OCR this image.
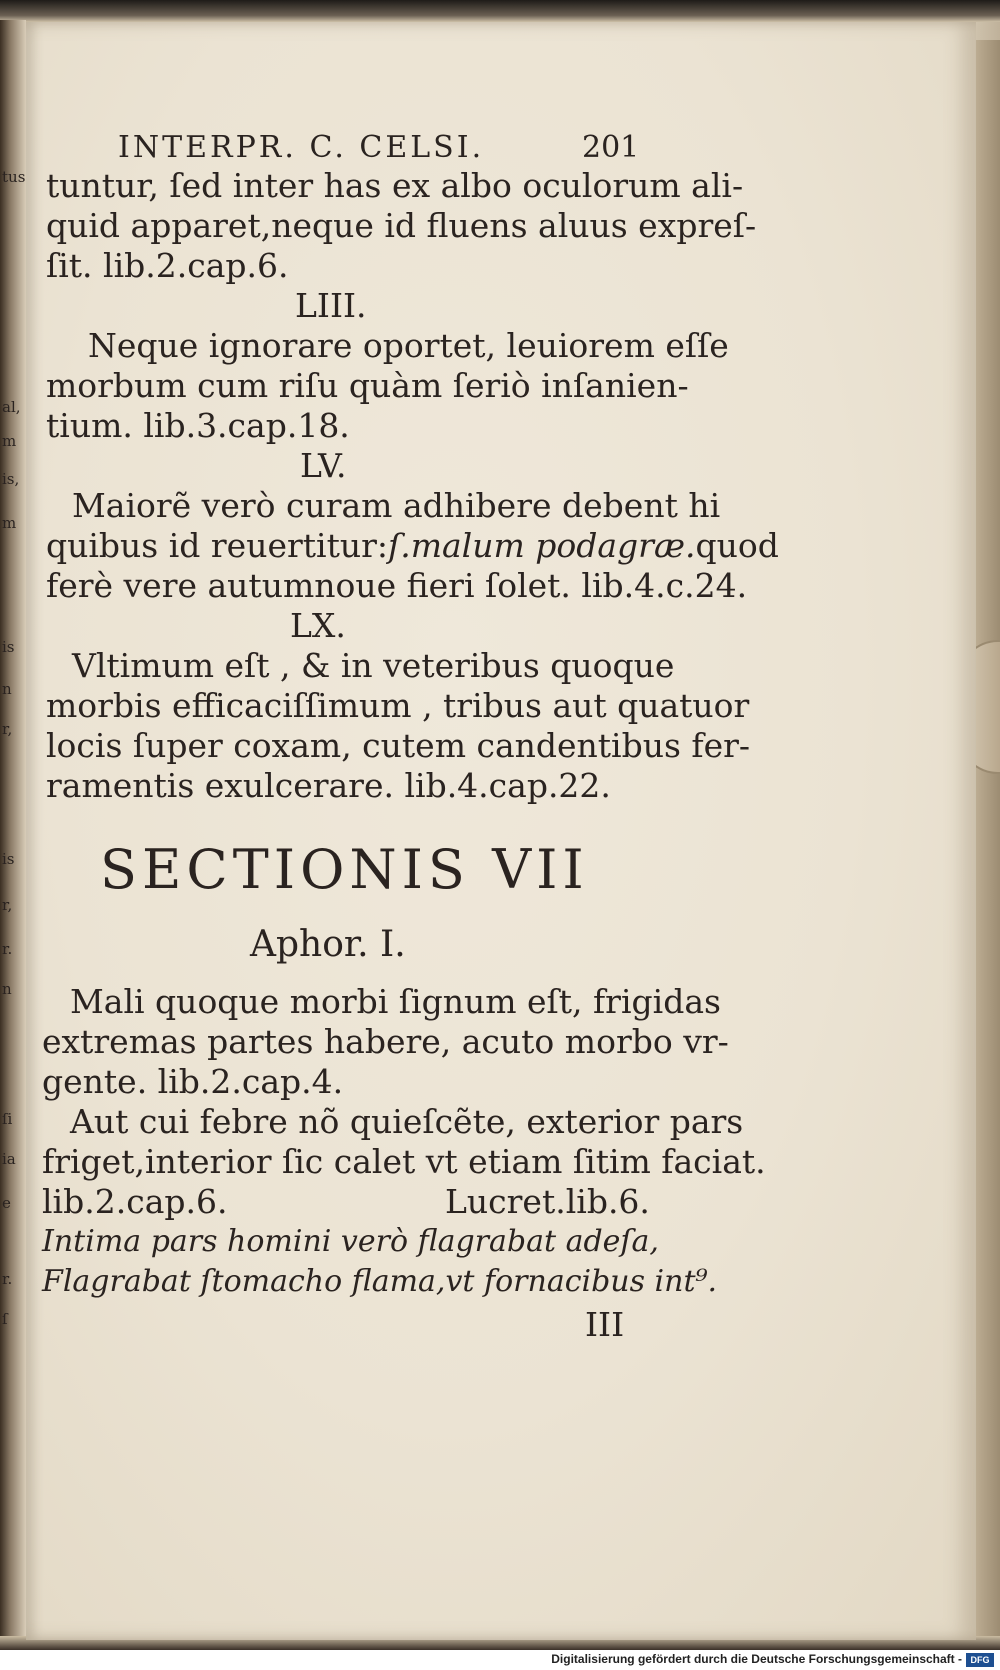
tus
al,
m
is,
m
is
n
r,
is
r,
r.
n
ſi
ia
e
r.
ſ
INTERPR. C. CELSI.	201
tuntur, ſed inter has ex albo oculorum ali-
quid apparet,neque id fluens aluus expreſ-
ſit. lib.2.cap.6.
LIII.
Neque ignorare oportet, leuiorem eſſe
morbum cum riſu quàm ſeriò inſanien-
tium. lib.3.cap.18.
LV.
Maiorẽ verò curam adhibere debent hi
quibus id reuertitur:ſ.malum podagræ.quod
ferè vere autumnoue fieri ſolet. lib.4.c.24.
LX.
Vltimum eſt , & in veteribus quoque
morbis efficaciſſimum , tribus aut quatuor
locis ſuper coxam, cutem candentibus fer-
ramentis exulcerare. lib.4.cap.22.
SECTIONIS VII
Aphor. I.
Mali quoque morbi ſignum eſt, frigidas
extremas partes habere, acuto morbo vr-
gente. lib.2.cap.4.
Aut cui febre nõ quieſcẽte, exterior pars
friget,interior ſic calet vt etiam ſitim faciat.
lib.2.cap.6.	Lucret.lib.6.
Intima pars homini verò flagrabat adeſa,
Flagrabat ſtomacho flama,vt fornacibus int⁹.
III
Digitalisierung gefördert durch die Deutsche Forschungsgemeinschaft - DFG
